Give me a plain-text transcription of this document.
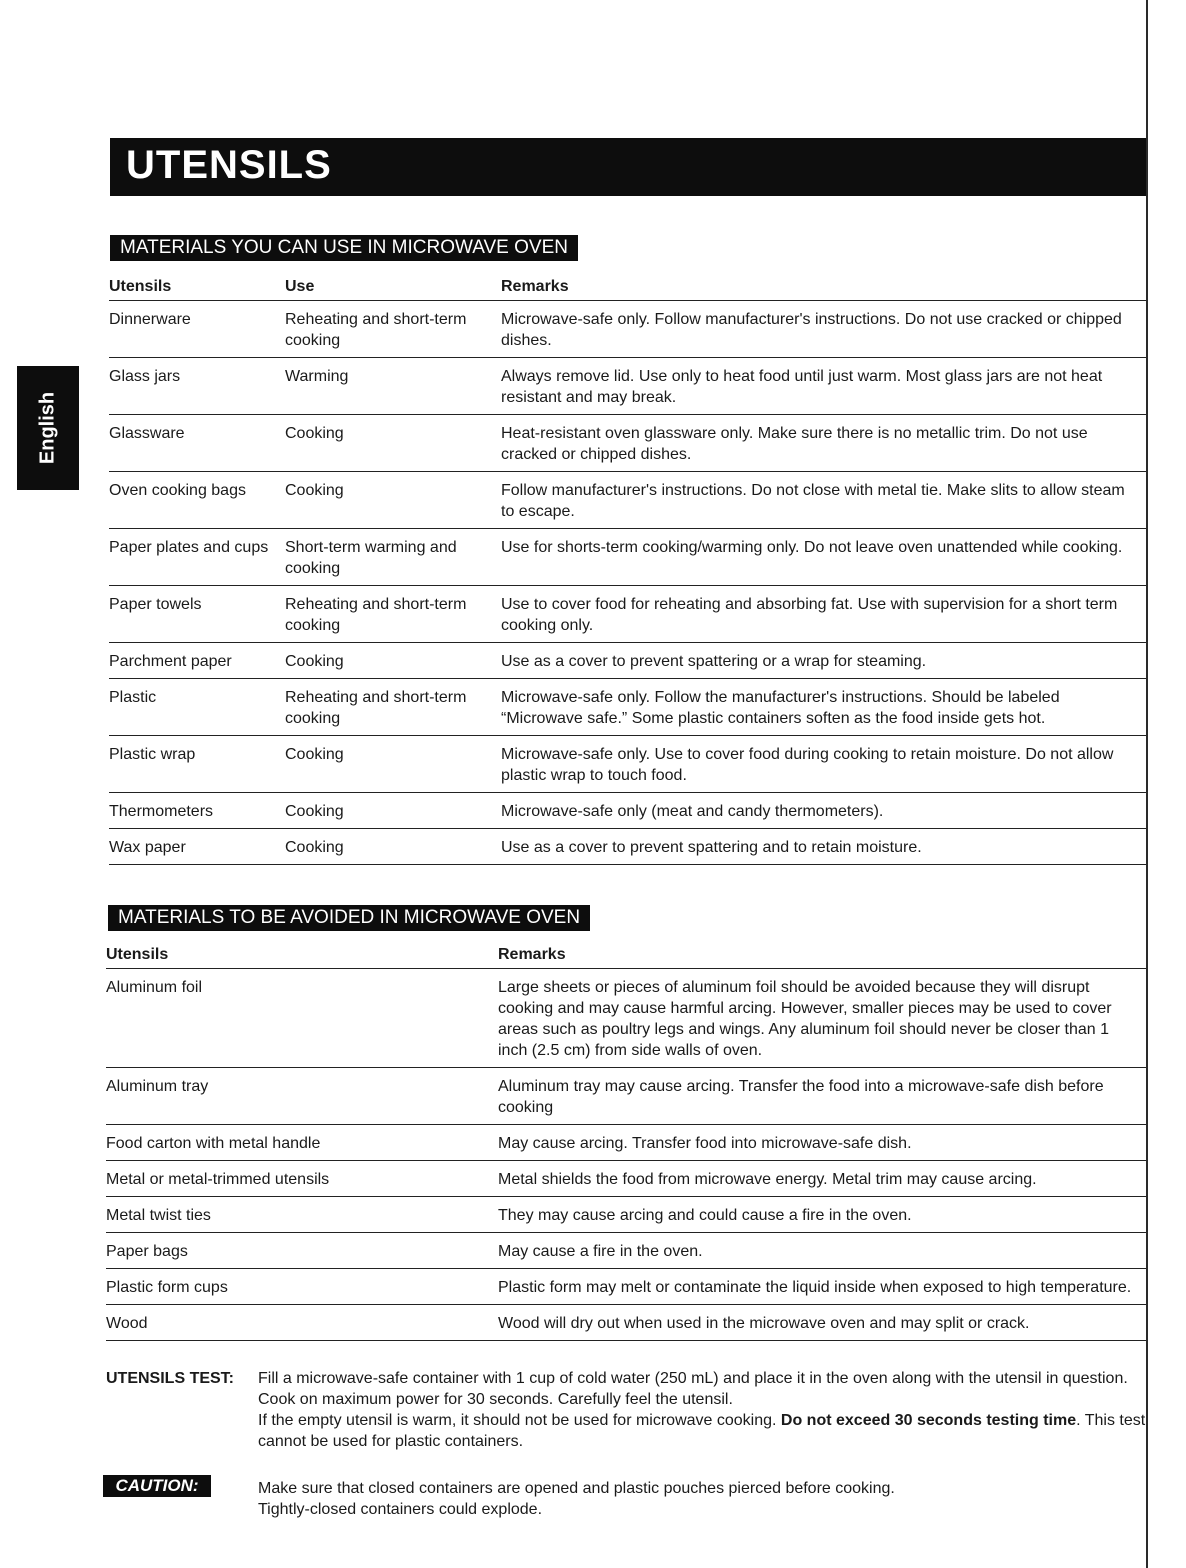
UTENSILS
English
MATERIALS YOU CAN USE IN MICROWAVE OVEN
Utensils	Use	Remarks
Dinnerware	Reheating and short-term cooking	Microwave-safe only. Follow manufacturer's instructions. Do not use cracked or chipped dishes.
Glass jars	Warming	Always remove lid. Use only to heat food until just warm. Most glass jars are not heat resistant and may break.
Glassware	Cooking	Heat-resistant oven glassware only. Make sure there is no metallic trim. Do not use cracked or chipped dishes.
Oven cooking bags	Cooking	Follow manufacturer's instructions. Do not close with metal tie. Make slits to allow steam to escape.
Paper plates and cups	Short-term warming and cooking	Use for shorts-term cooking/warming only. Do not leave oven unattended while cooking.
Paper towels	Reheating and short-term cooking	Use to cover food for reheating and absorbing fat. Use with supervision for a short term cooking only.
Parchment paper	Cooking	Use as a cover to prevent spattering or a wrap for steaming.
Plastic	Reheating and short-term cooking	Microwave-safe only. Follow the manufacturer's instructions. Should be labeled “Microwave safe.” Some plastic containers soften as the food inside gets hot.
Plastic wrap	Cooking	Microwave-safe only. Use to cover food during cooking to retain moisture. Do not allow plastic wrap to touch food.
Thermometers	Cooking	Microwave-safe only (meat and candy thermometers).
Wax paper	Cooking	Use as a cover to prevent spattering and to retain moisture.
MATERIALS TO BE AVOIDED IN MICROWAVE OVEN
Utensils	Remarks
Aluminum foil	Large sheets or pieces of aluminum foil should be avoided because they will disrupt cooking and may cause harmful arcing. However, smaller pieces may be used to cover areas such as poultry legs and wings. Any aluminum foil should never be closer than 1 inch (2.5 cm) from side walls of oven.
Aluminum tray	Aluminum tray may cause arcing. Transfer the food into a microwave-safe dish before cooking
Food carton with metal handle	May cause arcing. Transfer food into microwave-safe dish.
Metal or metal-trimmed utensils	Metal shields the food from microwave energy. Metal trim may cause arcing.
Metal twist ties	They may cause arcing and could cause a fire in the oven.
Paper bags	May cause a fire in the oven.
Plastic form cups	Plastic form may melt or contaminate the liquid inside when exposed to high temperature.
Wood	Wood will dry out when used in the microwave oven and may split or crack.
UTENSILS TEST: Fill a microwave-safe container with 1 cup of cold water (250 mL) and place it in the oven along with the utensil in question. Cook on maximum power for 30 seconds. Carefully feel the utensil.
If the empty utensil is warm, it should not be used for microwave cooking. Do not exceed 30 seconds testing time. This test cannot be used for plastic containers.
CAUTION:	Make sure that closed containers are opened and plastic pouches pierced before cooking.
Tightly-closed containers could explode.
